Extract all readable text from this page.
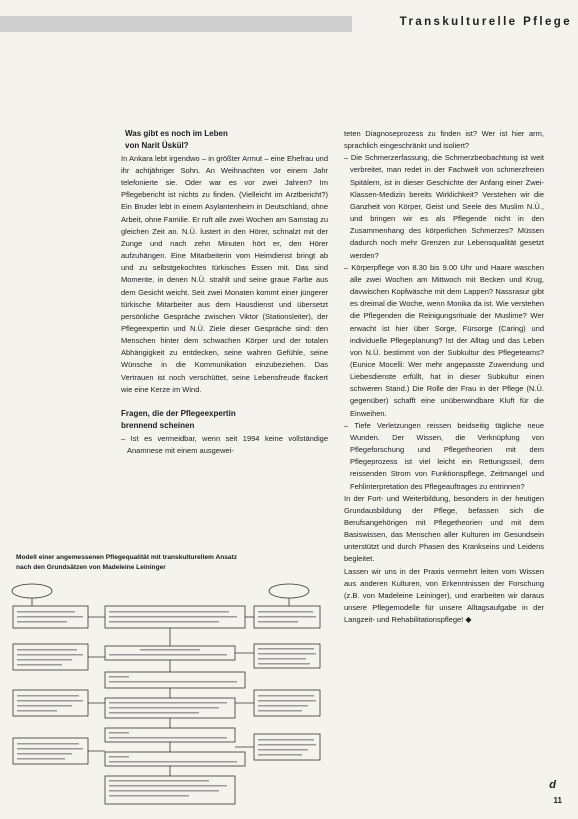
Transkulturelle Pflege

Was gibt es noch im Leben

von Narit Üskül?

In Ankara lebt irgendwo – in größter Armut – eine Ehefrau und ihr achtjähriger Sohn. An Weihnachten vor einem Jahr telefonierte sie. Oder war es vor zwei Jahren? Im Pflegebericht ist nichts zu finden. (Vielleicht im Arztbericht?) Ein Bruder lebt in einem Asylantenheim in Deutschland, ohne Arbeit, ohne Familie. Er ruft alle zwei Wochen am Samstag zu gleichen Zeit an. N.Ü. lustert in den Hörer, schnalzt mit der Zunge und nach zehn Minuten hört er, den Hörer aufzuhängen. Eine Mitarbeiterin vom Heimdienst bringt ab und zu selbstgekochtes türkisches Essen mit. Das sind Momente, in denen N.Ü. strahlt und seine graue Farbe aus dem Gesicht weicht. Seit zwei Monaten kommt einer jüngerer türkische Mitarbeiter aus dem Hausdienst und übersetzt persönliche Gespräche zwischen Viktor (Stationsleiter), der Pflegeexpertin und N.Ü. Ziele dieser Gespräche sind: den Menschen hinter dem schwachen Körper und der totalen Abhängigkeit zu entdecken, seine wahren Gefühle, seine Wünsche in die Kommunikation einzubeziehen. Das Vertrauen ist noch verschüttet, seine Lebensfreude flackert wie eine Kerze im Wind.

Fragen, die der Pflegeexpertin

brennend scheinen

– Ist es vermeidbar, wenn seit 1994 keine vollständige Anamnese mit einem ausgewei-

teten Diagnoseprozess zu finden ist? Wer ist hier arm, sprachlich eingeschränkt und isoliert?

– Die Schmerzerfassung, die Schmerzbeobachtung ist weit verbreitet, man redet in der Fachwelt von schmerzfreien Spitälern, ist in dieser Geschichte der Anfang einer Zwei-Klassen-Medizin bereits Wirklichkeit? Verstehen wir die Ganzheit von Körper, Geist und Seele des Muslim N.Ü., und bringen wir es als Pflegende nicht in den Zusammenhang des körperlichen Schmerzes? Müssen dadurch noch mehr Grenzen zur Lebensqualität gesetzt werden?

– Körperpflege von 8.30 bis 9.00 Uhr und Haare waschen alle zwei Wochen am Mittwoch mit Becken und Krug, davwischen Kopfwäsche mit dem Lappen? Nassrasur gibt es dreimal die Woche, wenn Monika da ist. Wie verstehen die Pflegenden die Reinigungsrituale der Muslime? Wer erwacht ist hier über Sorge, Fürsorge (Caring) und individuelle Pflegeplanung? Ist der Alltag und das Leben von N.Ü. bestimmt von der Subkultur des Pflegeteams? (Eunice Mocelli: Wer mehr angepasste Zuwendung und Liebesdienste erfüllt, hat in dieser Subkultur einen schweren Stand.) Die Rolle der Frau in der Pflege (N.Ü. gegenüber) schafft eine unüberwindbare Kluft für die Einweihen.

– Tiefe Verletzungen reissen beidseitig tägliche neue Wunden. Der Wissen, die Verknüpfung von Pflegeforschung und Pflegetheorien mit dem Pflegeprozess ist viel leicht ein Rettungsseil, dem reissenden Strom von Funktionspflege, Zeitmangel und Fehlinterpretation des Pflegeauftrages zu entrinnen?

In der Fort- und Weiterbildung, besonders in der heutigen Grundausbildung der Pflege, befassen sich die Berufsangehörigen mit Pflegetheorien und mit dem Basiswissen, das Menschen aller Kulturen im Gesundsein unterstützt und durch Phasen des Krankseins und Leidens begleitet.

Lassen wir uns in der Praxis vermehrt leiten vom Wissen aus anderen Kulturen, von Erkenntnissen der Forschung (z.B. von Madeleine Leininger), und erarbeiten wir daraus unsere Pflegemodelle für unsere Alltagsaufgabe in der Langzeit- und Rehabilitationspflege! ◆

Modell einer angemessenen Pflegequalität mit transkulturellem Ansatz
nach den Grundsätzen von Madeleine Leininger
d
11
